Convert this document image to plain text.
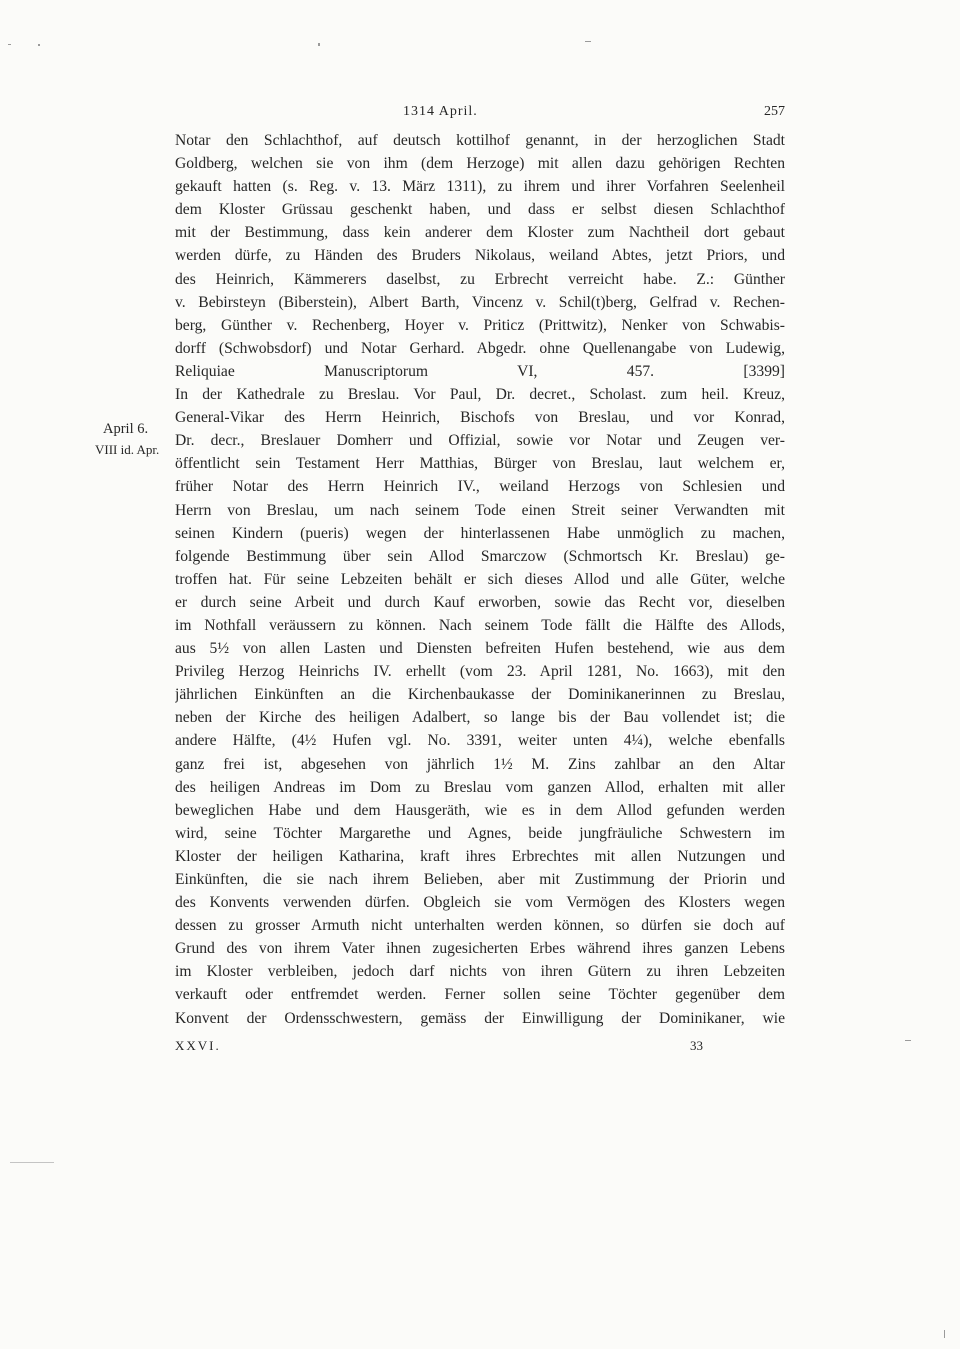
1314 April.	257
April 6.
VIII id. Apr.
Notar den Schlachthof, auf deutsch kottilhof genannt, in der herzoglichen Stadt
Goldberg, welchen sie von ihm (dem Herzoge) mit allen dazu gehörigen Rechten
gekauft hatten (s. Reg. v. 13. März 1311), zu ihrem und ihrer Vorfahren Seelenheil
dem Kloster Grüssau geschenkt haben, und dass er selbst diesen Schlachthof
mit der Bestimmung, dass kein anderer dem Kloster zum Nachtheil dort gebaut
werden dürfe, zu Händen des Bruders Nikolaus, weiland Abtes, jetzt Priors, und
des Heinrich, Kämmerers daselbst, zu Erbrecht verreicht habe. Z.: Günther
v. Bebirsteyn (Biberstein), Albert Barth, Vincenz v. Schil(t)berg, Gelfrad v. Rechen-
berg, Günther v. Rechenberg, Hoyer v. Priticz (Prittwitz), Nenker von Schwabis-
dorff (Schwobsdorf) und Notar Gerhard. Abgedr. ohne Quellenangabe von Ludewig,
Reliquiae Manuscriptorum VI, 457. [3399]
In der Kathedrale zu Breslau. Vor Paul, Dr. decret., Scholast. zum heil. Kreuz,
General-Vikar des Herrn Heinrich, Bischofs von Breslau, und vor Konrad,
Dr. decr., Breslauer Domherr und Offizial, sowie vor Notar und Zeugen ver-
öffentlicht sein Testament Herr Matthias, Bürger von Breslau, laut welchem er,
früher Notar des Herrn Heinrich IV., weiland Herzogs von Schlesien und
Herrn von Breslau, um nach seinem Tode einen Streit seiner Verwandten mit
seinen Kindern (pueris) wegen der hinterlassenen Habe unmöglich zu machen,
folgende Bestimmung über sein Allod Smarczow (Schmortsch Kr. Breslau) ge-
troffen hat. Für seine Lebzeiten behält er sich dieses Allod und alle Güter, welche
er durch seine Arbeit und durch Kauf erworben, sowie das Recht vor, dieselben
im Nothfall veräussern zu können. Nach seinem Tode fällt die Hälfte des Allods,
aus 5½ von allen Lasten und Diensten befreiten Hufen bestehend, wie aus dem
Privileg Herzog Heinrichs IV. erhellt (vom 23. April 1281, No. 1663), mit den
jährlichen Einkünften an die Kirchenbaukasse der Dominikanerinnen zu Breslau,
neben der Kirche des heiligen Adalbert, so lange bis der Bau vollendet ist; die
andere Hälfte, (4½ Hufen vgl. No. 3391, weiter unten 4¼), welche ebenfalls
ganz frei ist, abgesehen von jährlich 1½ M. Zins zahlbar an den Altar
des heiligen Andreas im Dom zu Breslau vom ganzen Allod, erhalten mit aller
beweglichen Habe und dem Hausgeräth, wie es in dem Allod gefunden werden
wird, seine Töchter Margarethe und Agnes, beide jungfräuliche Schwestern im
Kloster der heiligen Katharina, kraft ihres Erbrechtes mit allen Nutzungen und
Einkünften, die sie nach ihrem Belieben, aber mit Zustimmung der Priorin und
des Konvents verwenden dürfen. Obgleich sie vom Vermögen des Klosters wegen
dessen zu grosser Armuth nicht unterhalten werden können, so dürfen sie doch auf
Grund des von ihrem Vater ihnen zugesicherten Erbes während ihres ganzen Lebens
im Kloster verbleiben, jedoch darf nichts von ihren Gütern zu ihren Lebzeiten
verkauft oder entfremdet werden. Ferner sollen seine Töchter gegenüber dem
Konvent der Ordensschwestern, gemäss der Einwilligung der Dominikaner, wie
XXVI.	33
